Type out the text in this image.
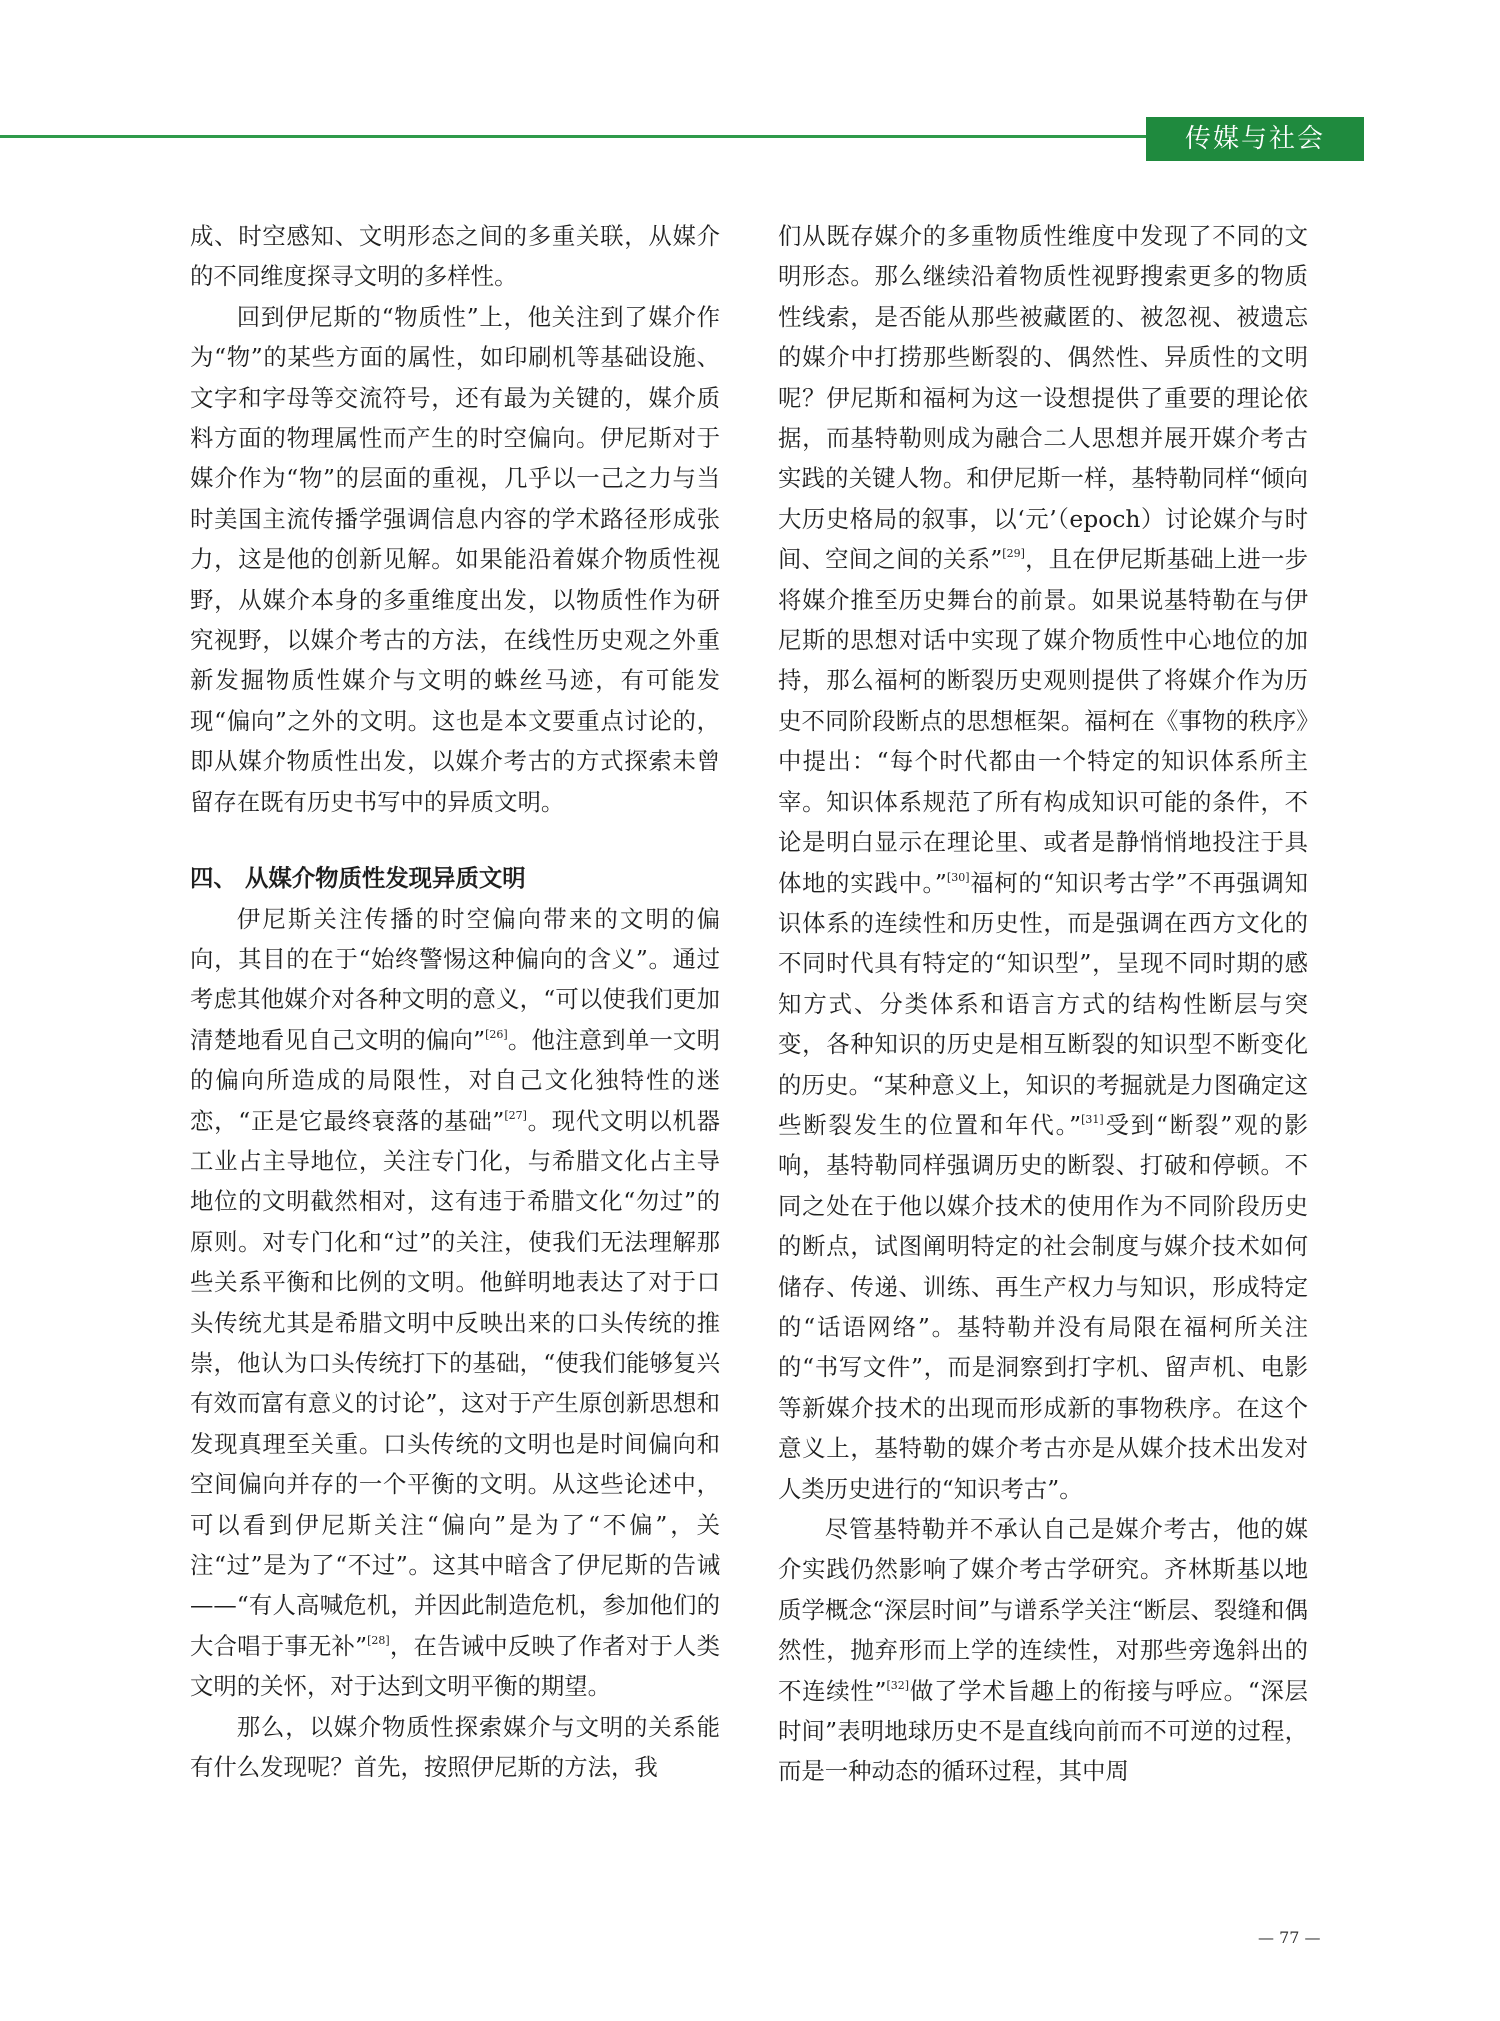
传媒与社会

成、时空感知、文明形态之间的多重关联，从媒介的不同维度探寻文明的多样性。

回到伊尼斯的“物质性”上，他关注到了媒介作为“物”的某些方面的属性，如印刷机等基础设施、文字和字母等交流符号，还有最为关键的，媒介质料方面的物理属性而产生的时空偏向。伊尼斯对于媒介作为“物”的层面的重视，几乎以一己之力与当时美国主流传播学强调信息内容的学术路径形成张力，这是他的创新见解。如果能沿着媒介物质性视野，从媒介本身的多重维度出发，以物质性作为研究视野，以媒介考古的方法，在线性历史观之外重新发掘物质性媒介与文明的蛛丝马迹，有可能发现“偏向”之外的文明。这也是本文要重点讨论的，即从媒介物质性出发，以媒介考古的方式探索未曾留存在既有历史书写中的异质文明。

四、 从媒介物质性发现异质文明

伊尼斯关注传播的时空偏向带来的文明的偏向，其目的在于“始终警惕这种偏向的含义”。通过考虑其他媒介对各种文明的意义，“可以使我们更加清楚地看见自己文明的偏向”[26]。他注意到单一文明的偏向所造成的局限性，对自己文化独特性的迷恋，“正是它最终衰落的基础”[27]。现代文明以机器工业占主导地位，关注专门化，与希腊文化占主导地位的文明截然相对，这有违于希腊文化“勿过”的原则。对专门化和“过”的关注，使我们无法理解那些关系平衡和比例的文明。他鲜明地表达了对于口头传统尤其是希腊文明中反映出来的口头传统的推崇，他认为口头传统打下的基础，“使我们能够复兴有效而富有意义的讨论”，这对于产生原创新思想和发现真理至关重。口头传统的文明也是时间偏向和空间偏向并存的一个平衡的文明。从这些论述中，可以看到伊尼斯关注“偏向”是为了“不偏”，关注“过”是为了“不过”。这其中暗含了伊尼斯的告诫——“有人高喊危机，并因此制造危机，参加他们的大合唱于事无补”[28]，在告诫中反映了作者对于人类文明的关怀，对于达到文明平衡的期望。

那么，以媒介物质性探索媒介与文明的关系能有什么发现呢？首先，按照伊尼斯的方法，我

们从既存媒介的多重物质性维度中发现了不同的文明形态。那么继续沿着物质性视野搜索更多的物质性线索，是否能从那些被藏匿的、被忽视、被遗忘的媒介中打捞那些断裂的、偶然性、异质性的文明呢？伊尼斯和福柯为这一设想提供了重要的理论依据，而基特勒则成为融合二人思想并展开媒介考古实践的关键人物。和伊尼斯一样，基特勒同样“倾向大历史格局的叙事，以‘元’（epoch）讨论媒介与时间、空间之间的关系”[29]，且在伊尼斯基础上进一步将媒介推至历史舞台的前景。如果说基特勒在与伊尼斯的思想对话中实现了媒介物质性中心地位的加持，那么福柯的断裂历史观则提供了将媒介作为历史不同阶段断点的思想框架。福柯在《事物的秩序》中提出：“每个时代都由一个特定的知识体系所主宰。知识体系规范了所有构成知识可能的条件，不论是明白显示在理论里、或者是静悄悄地投注于具体地的实践中。”[30]福柯的“知识考古学”不再强调知识体系的连续性和历史性，而是强调在西方文化的不同时代具有特定的“知识型”，呈现不同时期的感知方式、分类体系和语言方式的结构性断层与突变，各种知识的历史是相互断裂的知识型不断变化的历史。“某种意义上，知识的考掘就是力图确定这些断裂发生的位置和年代。”[31]受到“断裂”观的影响，基特勒同样强调历史的断裂、打破和停顿。不同之处在于他以媒介技术的使用作为不同阶段历史的断点，试图阐明特定的社会制度与媒介技术如何储存、传递、训练、再生产权力与知识，形成特定的“话语网络”。基特勒并没有局限在福柯所关注的“书写文件”，而是洞察到打字机、留声机、电影等新媒介技术的出现而形成新的事物秩序。在这个意义上，基特勒的媒介考古亦是从媒介技术出发对人类历史进行的“知识考古”。

尽管基特勒并不承认自己是媒介考古，他的媒介实践仍然影响了媒介考古学研究。齐林斯基以地质学概念“深层时间”与谱系学关注“断层、裂缝和偶然性，抛弃形而上学的连续性，对那些旁逸斜出的不连续性”[32]做了学术旨趣上的衔接与呼应。“深层时间”表明地球历史不是直线向前而不可逆的过程，而是一种动态的循环过程，其中周

— 77 —
